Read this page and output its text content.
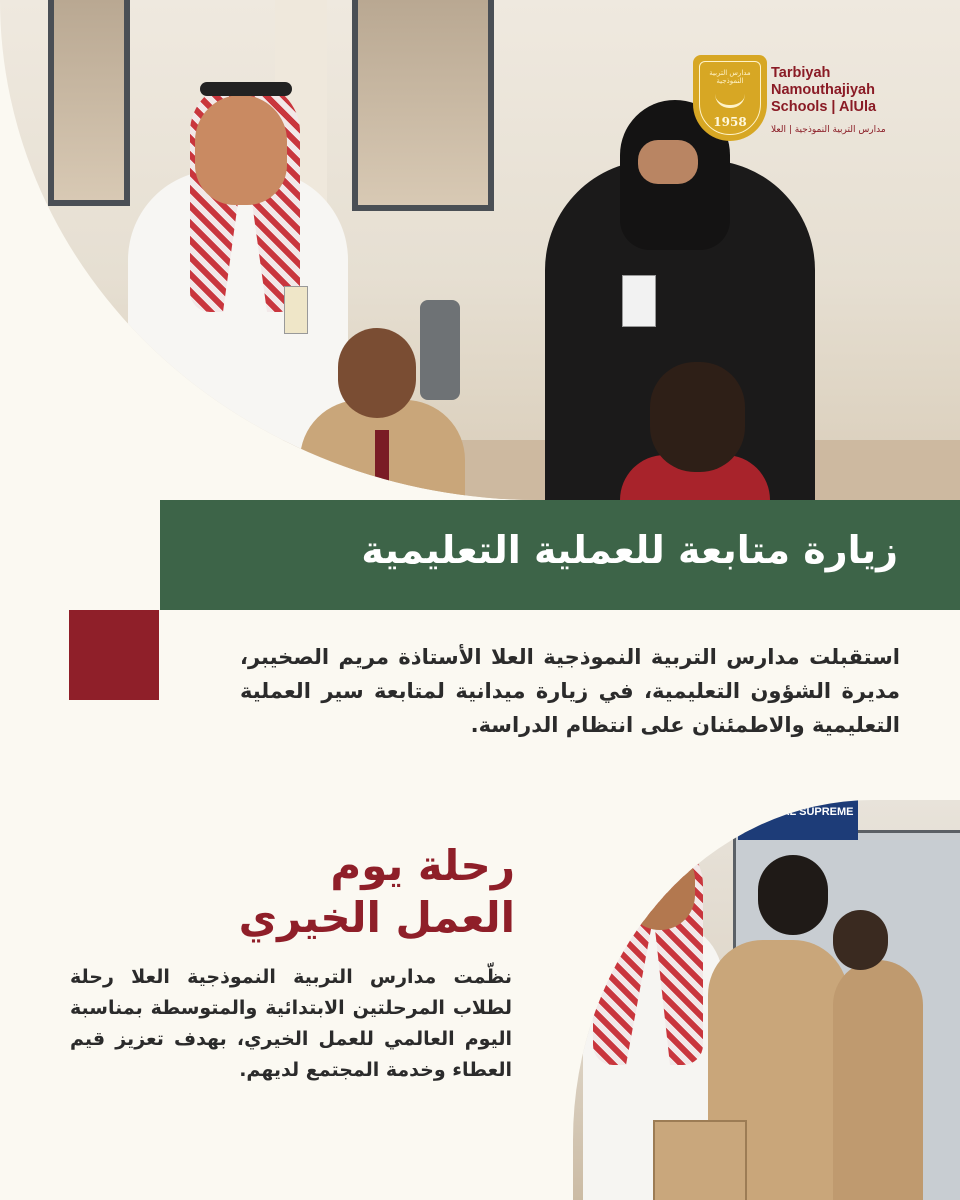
مدارس التربية النموذجية
1958
Tarbiyah
Namouthajiyah
Schools | AlUla
مدارس التربية النموذجية | العلا
زيارة متابعة للعملية التعليمية
استقبلت مدارس التربية النموذجية العلا الأستاذة مريم الصخيبر، مديرة الشؤون التعليمية، في زيارة ميدانية لمتابعة سير العملية التعليمية والاطمئنان على انتظام الدراسة.
رحلة يوم العمل الخيري
نظّمت مدارس التربية النموذجية العلا رحلة لطلاب المرحلتين الابتدائية والمتوسطة بمناسبة اليوم العالمي للعمل الخيري، بهدف تعزيز قيم العطاء وخدمة المجتمع لديهم.
GENERAL SUPREME
